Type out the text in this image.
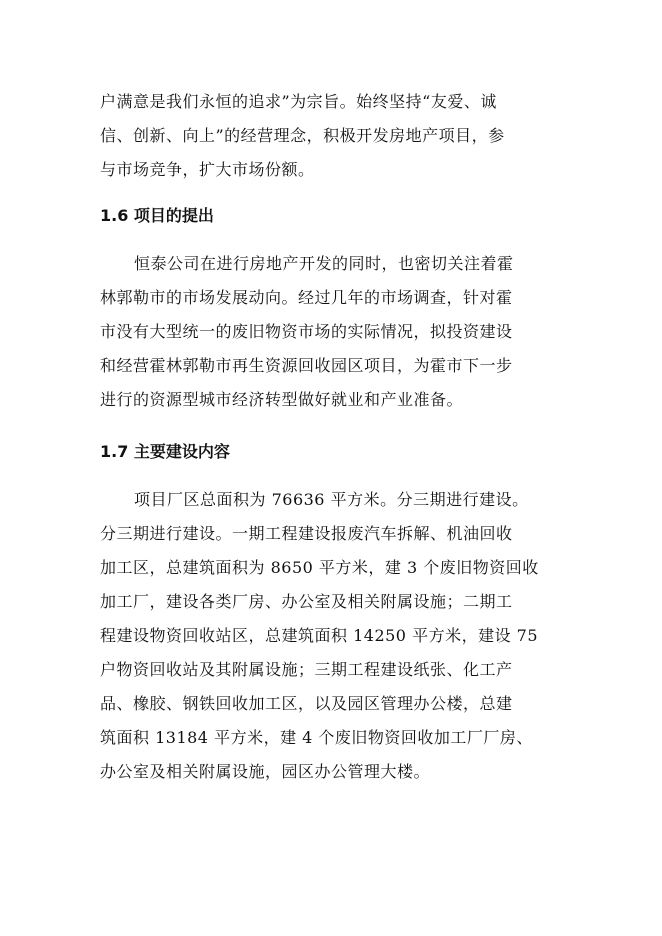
户满意是我们永恒的追求”为宗旨。始终坚持“友爱、诚
信、创新、向上”的经营理念，积极开发房地产项目，参
与市场竞争，扩大市场份额。
1.6 项目的提出
恒泰公司在进行房地产开发的同时，也密切关注着霍
林郭勒市的市场发展动向。经过几年的市场调查，针对霍
市没有大型统一的废旧物资市场的实际情况，拟投资建设
和经营霍林郭勒市再生资源回收园区项目，为霍市下一步
进行的资源型城市经济转型做好就业和产业准备。
1.7 主要建设内容
项目厂区总面积为 76636 平方米。分三期进行建设。
分三期进行建设。一期工程建设报废汽车拆解、机油回收
加工区，总建筑面积为 8650 平方米，建 3 个废旧物资回收
加工厂，建设各类厂房、办公室及相关附属设施；二期工
程建设物资回收站区，总建筑面积 14250 平方米，建设 75
户物资回收站及其附属设施；三期工程建设纸张、化工产
品、橡胶、钢铁回收加工区，以及园区管理办公楼，总建
筑面积 13184 平方米，建 4 个废旧物资回收加工厂厂房、
办公室及相关附属设施，园区办公管理大楼。
